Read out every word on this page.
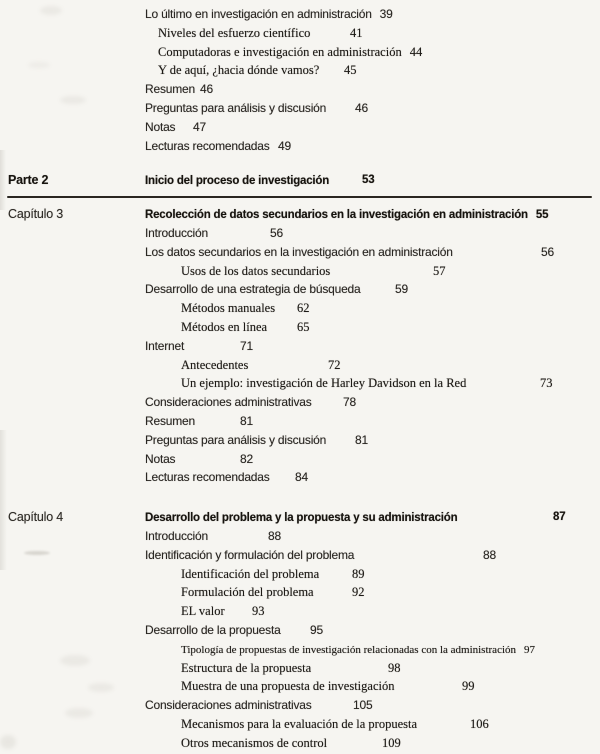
Lo último en investigación en administración 39
Niveles del esfuerzo científico	41
Computadoras e investigación en administración 44
Y de aquí, ¿hacia dónde vamos? 45
Resumen 46
Preguntas para análisis y discusión 46
Notas 47
Lecturas recomendadas 49
Parte 2	Inicio del proceso de investigación	53
Capítulo 3	Recolección de datos secundarios en la investigación en administración 55
Introducción	56
Los datos secundarios en la investigación en administración	56
Usos de los datos secundarios	57
Desarrollo de una estrategia de búsqueda	59
Métodos manuales 62
Métodos en línea 65
Internet	71
Antecedentes	72
Un ejemplo: investigación de Harley Davidson en la Red	73
Consideraciones administrativas	78
Resumen	81
Preguntas para análisis y discusión 81
Notas	82
Lecturas recomendadas 84
Capítulo 4	Desarrollo del problema y la propuesta y su administración	87
Introducción	88
Identificación y formulación del problema	88
Identificación del problema	89
Formulación del problema	92
EL valor 93
Desarrollo de la propuesta 95
Tipología de propuestas de investigación relacionadas con la administración 97
Estructura de la propuesta	98
Muestra de una propuesta de investigación	99
Consideraciones administrativas	105
Mecanismos para la evaluación de la propuesta	106
Otros mecanismos de control	109
